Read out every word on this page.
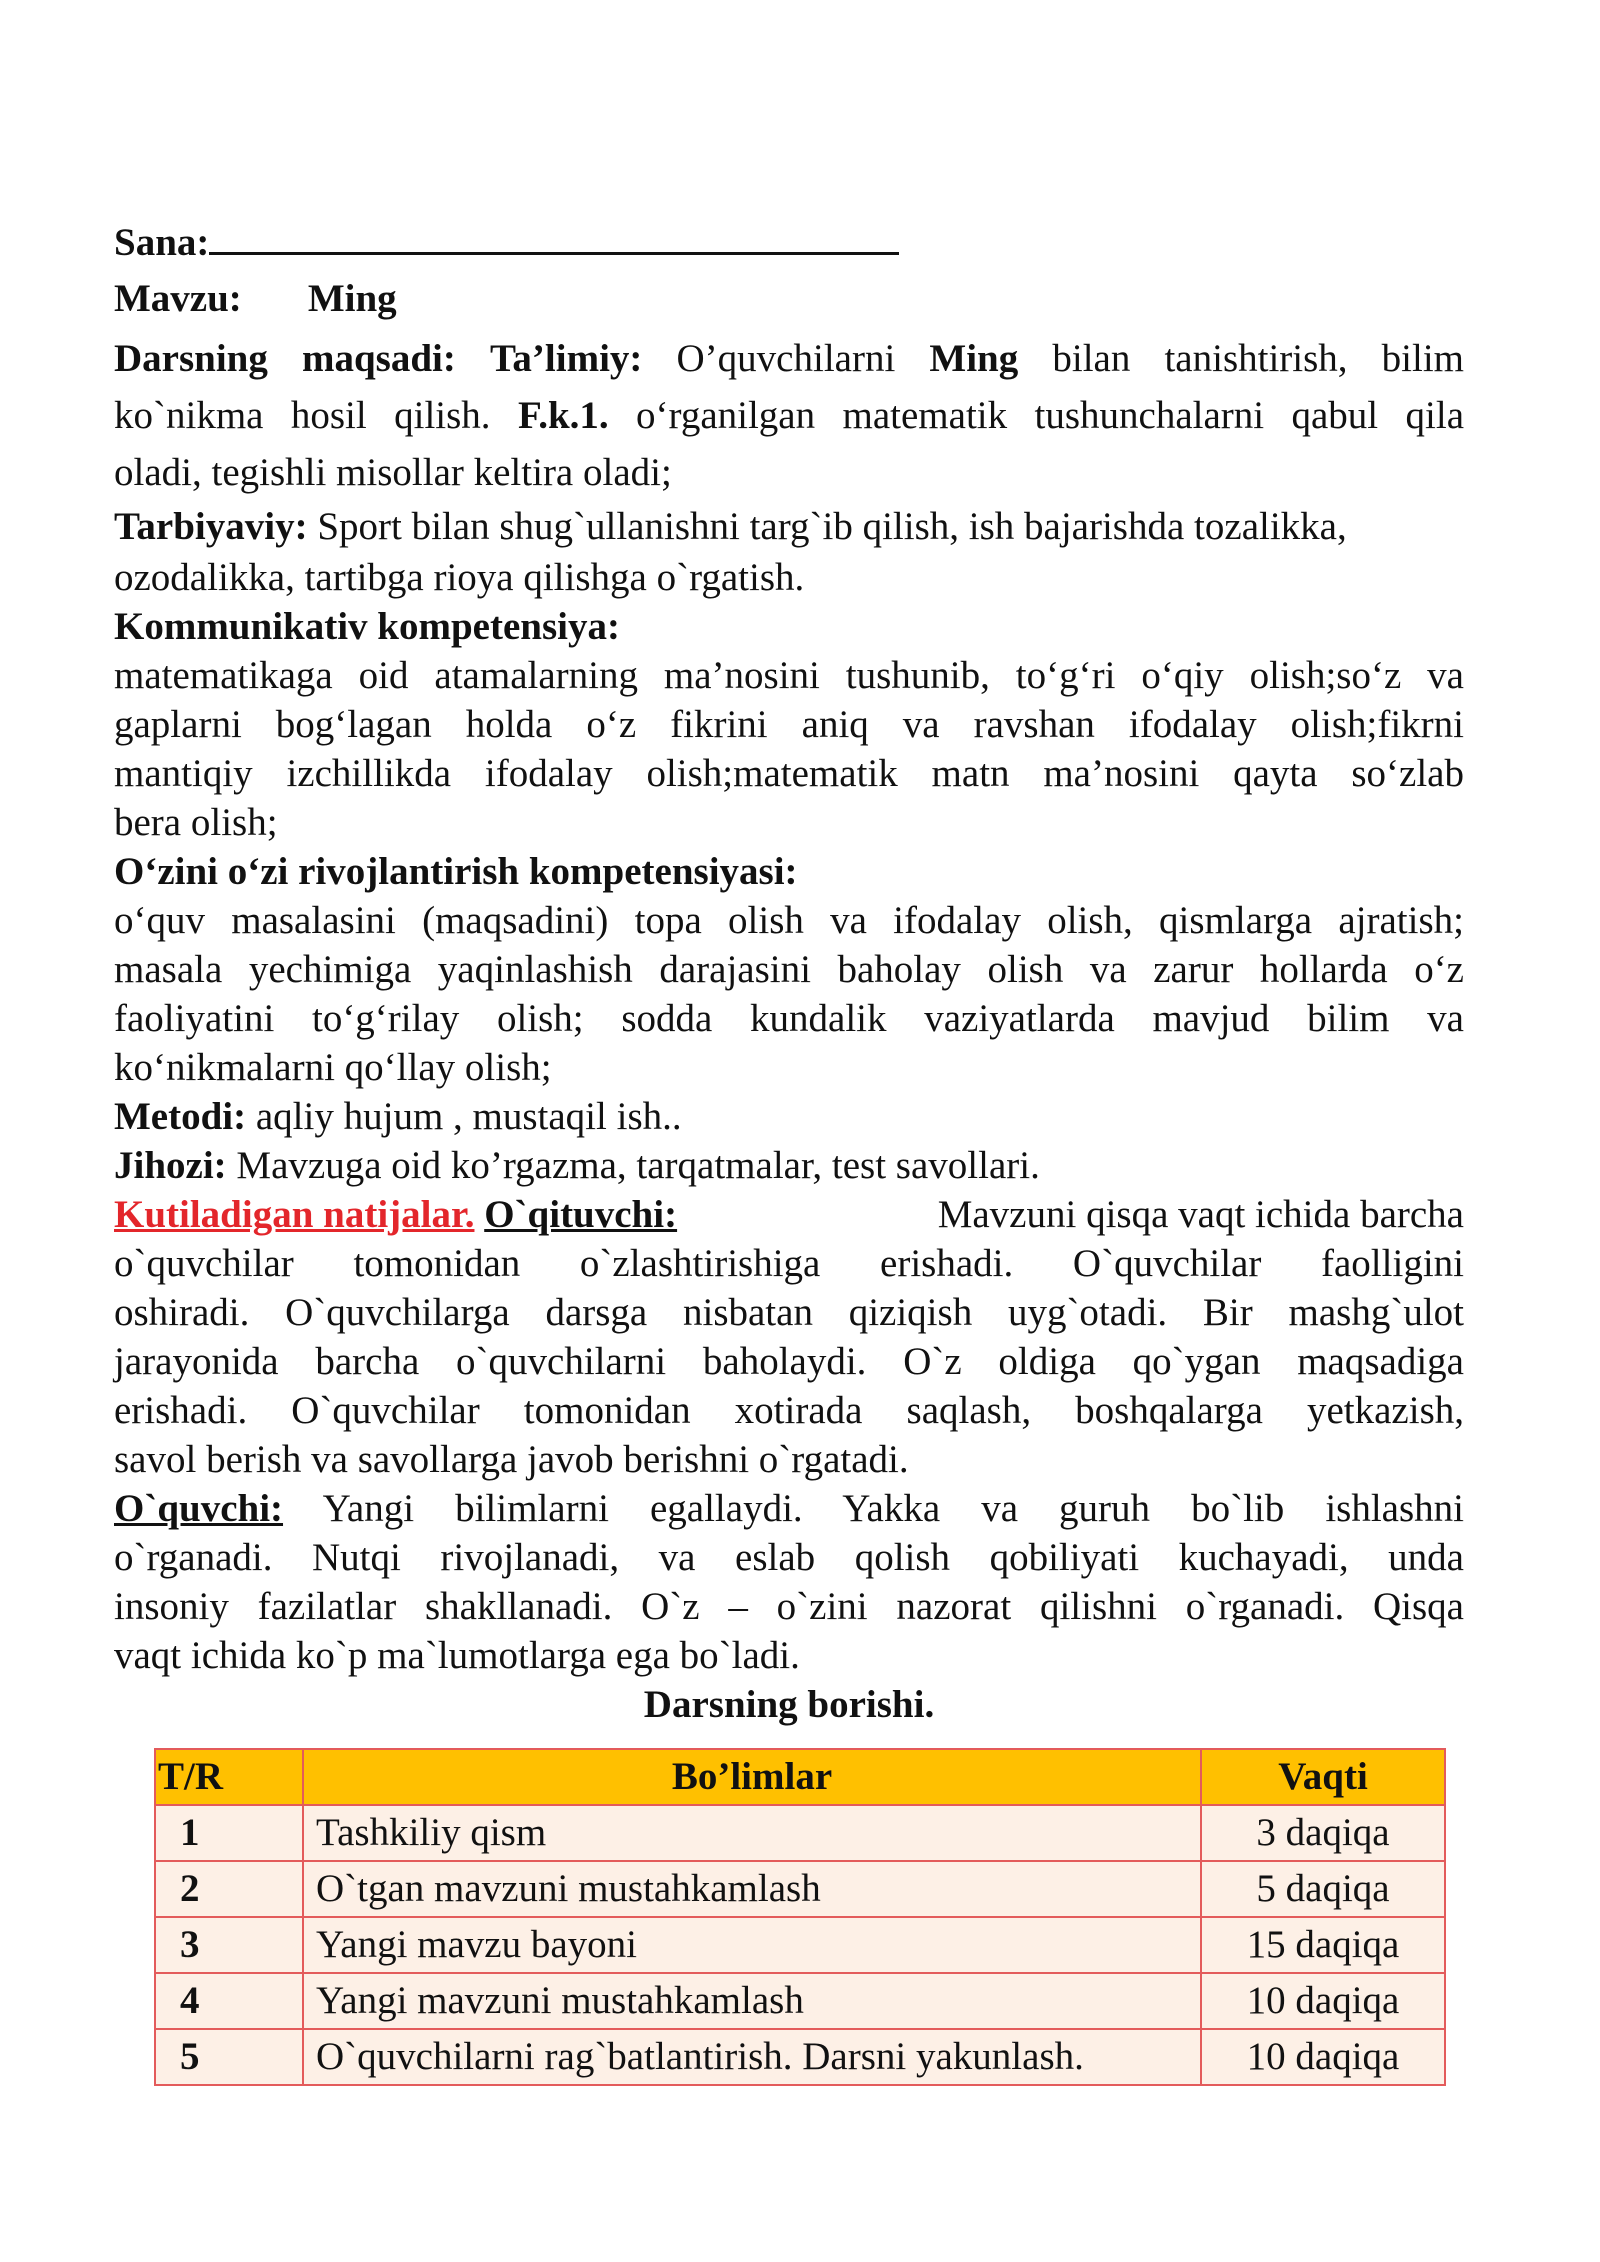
Sana:
Mavzu: Ming
Darsning maqsadi: Ta’limiy: O’quvchilarni Ming bilan tanishtirish, bilim
ko`nikma hosil qilish. F.k.1. o‘rganilgan matematik tushunchalarni qabul qila
oladi, tegishli misollar keltira oladi;
Tarbiyaviy: Sport bilan shug`ullanishni targ`ib qilish, ish bajarishda tozalikka,
ozodalikka, tartibga rioya qilishga o`rgatish.
Kommunikativ kompetensiya:
matematikaga oid atamalarning ma’nosini tushunib, to‘g‘ri o‘qiy olish;so‘z va
gaplarni bog‘lagan holda o‘z fikrini aniq va ravshan ifodalay olish;fikrni
mantiqiy izchillikda ifodalay olish;matematik matn ma’nosini qayta so‘zlab
bera olish;
O‘zini o‘zi rivojlantirish kompetensiyasi:
o‘quv masalasini (maqsadini) topa olish va ifodalay olish, qismlarga ajratish;
masala yechimiga yaqinlashish darajasini baholay olish va zarur hollarda o‘z
faoliyatini to‘g‘rilay olish; sodda kundalik vaziyatlarda mavjud bilim va
ko‘nikmalarni qo‘llay olish;
Metodi: aqliy hujum , mustaqil ish..
Jihozi: Mavzuga oid ko’rgazma, tarqatmalar, test savollari.
Kutiladigan natijalar. O`qituvchi:	Mavzuni qisqa vaqt ichida barcha
o`quvchilar tomonidan o`zlashtirishiga erishadi. O`quvchilar faolligini
oshiradi. O`quvchilarga darsga nisbatan qiziqish uyg`otadi. Bir mashg`ulot
jarayonida barcha o`quvchilarni baholaydi. O`z oldiga qo`ygan maqsadiga
erishadi. O`quvchilar tomonidan xotirada saqlash, boshqalarga yetkazish,
savol berish va savollarga javob berishni o`rgatadi.
O`quvchi: Yangi bilimlarni egallaydi. Yakka va guruh bo`lib ishlashni
o`rganadi. Nutqi rivojlanadi, va eslab qolish qobiliyati kuchayadi, unda
insoniy fazilatlar shakllanadi. O`z – o`zini nazorat qilishni o`rganadi. Qisqa
vaqt ichida ko`p ma`lumotlarga ega bo`ladi.
Darsning borishi.
T/R	Bo’limlar	Vaqti
1	Tashkiliy qism	3 daqiqa
2	O`tgan mavzuni mustahkamlash	5 daqiqa
3	Yangi mavzu bayoni	15 daqiqa
4	Yangi mavzuni mustahkamlash	10 daqiqa
5	O`quvchilarni rag`batlantirish. Darsni yakunlash.	10 daqiqa
